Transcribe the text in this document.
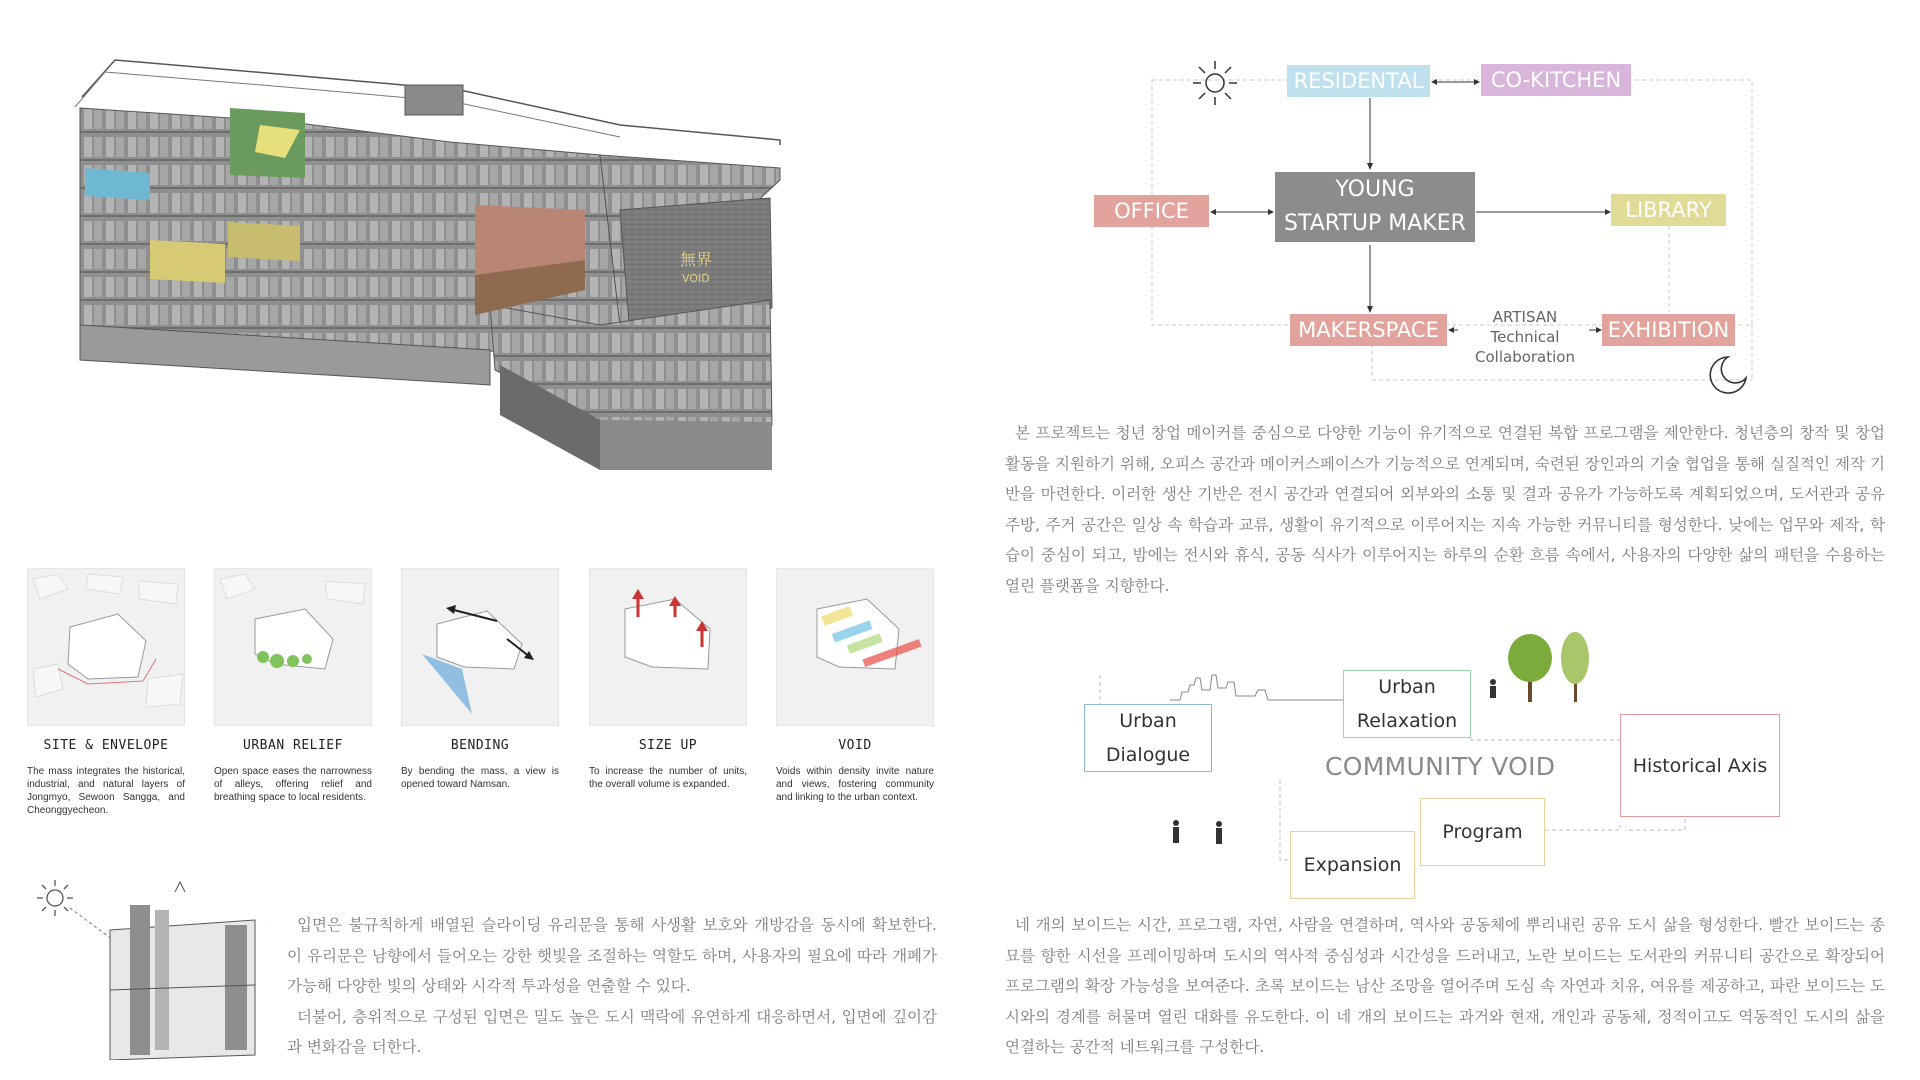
無界
VOID
SITE & ENVELOPE
The mass integrates the historical, industrial, and natural layers of Jongmyo, Sewoon Sangga, and Cheonggyecheon.
URBAN RELIEF
Open space eases the narrowness of alleys, offering relief and breathing space to local residents.
BENDING
By bending the mass, a view is opened toward Namsan.
SIZE UP
To increase the number of units, the overall volume is expanded.
VOID
Voids within density invite nature and views, fostering community and linking to the urban context.
RESIDENTAL	CO-KITCHEN
OFFICE
YOUNG
STARTUP MAKER
LIBRARY
MAKERSPACE	EXHIBITION
ARTISAN
Technical
Collaboration

본 프로젝트는 청년 창업 메이커를 중심으로 다양한 기능이 유기적으로 연결된 복합 프로그램을 제안한다. 청년층의 창작 및 창업 활동을 지원하기 위해, 오피스 공간과 메이커스페이스가 기능적으로 연계되며, 숙련된 장인과의 기술 협업을 통해 실질적인 제작 기반을 마련한다. 이러한 생산 기반은 전시 공간과 연결되어 외부와의 소통 및 결과 공유가 가능하도록 계획되었으며, 도서관과 공유주방, 주거 공간은 일상 속 학습과 교류, 생활이 유기적으로 이루어지는 지속 가능한 커뮤니티를 형성한다. 낮에는 업무와 제작, 학습이 중심이 되고, 밤에는 전시와 휴식, 공동 식사가 이루어지는 하루의 순환 흐름 속에서, 사용자의 다양한 삶의 패턴을 수용하는 열린 플랫폼을 지향한다.

COMMUNITY VOID
Urban
Dialogue
Urban
Relaxation
Historical Axis
Program
Expansion

입면은 불규칙하게 배열된 슬라이딩 유리문을 통해 사생활 보호와 개방감을 동시에 확보한다. 이 유리문은 남향에서 들어오는 강한 햇빛을 조절하는 역할도 하며, 사용자의 필요에 따라 개폐가 가능해 다양한 빛의 상태와 시각적 투과성을 연출할 수 있다.

더불어, 층위적으로 구성된 입면은 밀도 높은 도시 맥락에 유연하게 대응하면서, 입면에 깊이감과 변화감을 더한다.

네 개의 보이드는 시간, 프로그램, 자연, 사람을 연결하며, 역사와 공동체에 뿌리내린 공유 도시 삶을 형성한다. 빨간 보이드는 종묘를 향한 시선을 프레이밍하며 도시의 역사적 중심성과 시간성을 드러내고, 노란 보이드는 도서관의 커뮤니티 공간으로 확장되어 프로그램의 확장 가능성을 보여준다. 초록 보이드는 남산 조망을 열어주며 도심 속 자연과 치유, 여유를 제공하고, 파란 보이드는 도시와의 경계를 허물며 열린 대화를 유도한다. 이 네 개의 보이드는 과거와 현재, 개인과 공동체, 정적이고도 역동적인 도시의 삶을 연결하는 공간적 네트워크를 구성한다.
